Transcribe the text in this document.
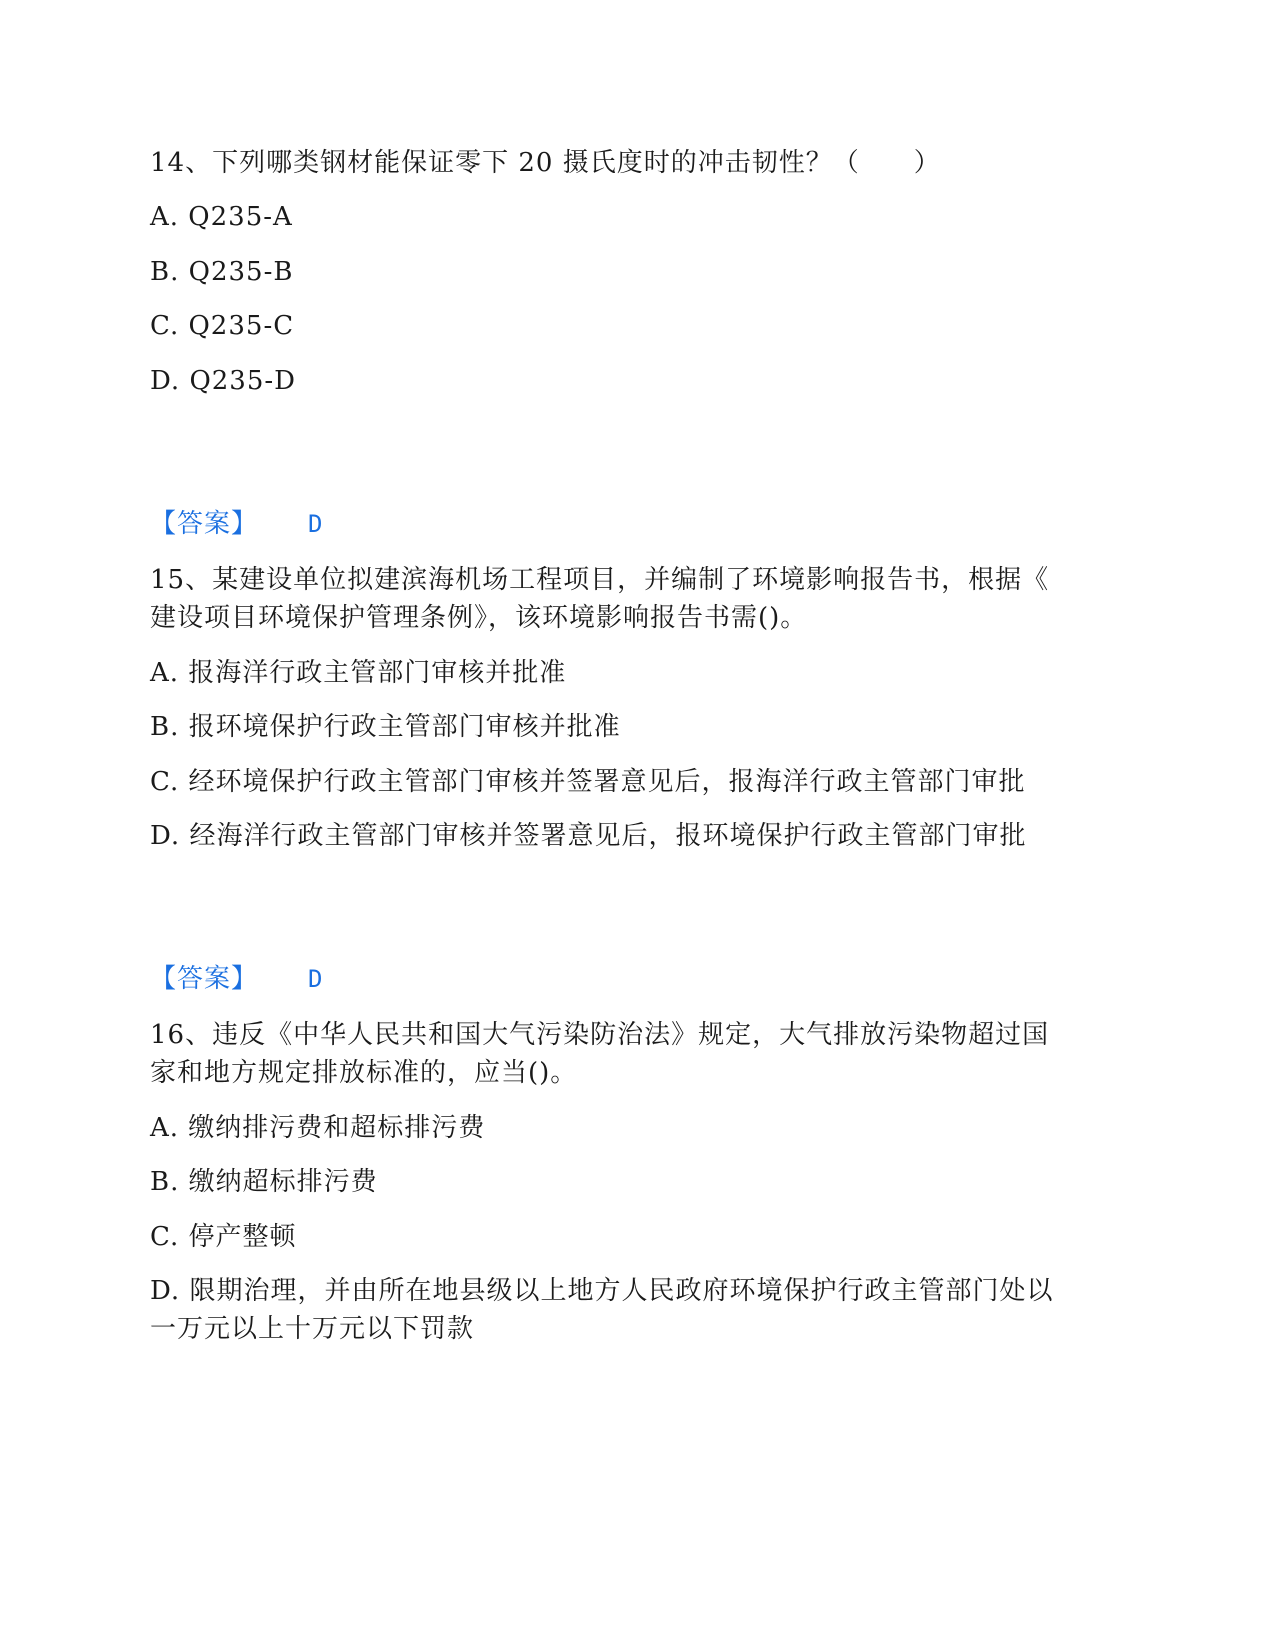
14、下列哪类钢材能保证零下 20 摄氏度时的冲击韧性？（　　）
A. Q235-A
B. Q235-B
C. Q235-C
D. Q235-D
【答案】 D
15、某建设单位拟建滨海机场工程项目，并编制了环境影响报告书，根据《
建设项目环境保护管理条例》，该环境影响报告书需()。
A. 报海洋行政主管部门审核并批准
B. 报环境保护行政主管部门审核并批准
C. 经环境保护行政主管部门审核并签署意见后，报海洋行政主管部门审批
D. 经海洋行政主管部门审核并签署意见后，报环境保护行政主管部门审批
【答案】 D
16、违反《中华人民共和国大气污染防治法》规定，大气排放污染物超过国
家和地方规定排放标准的，应当()。
A. 缴纳排污费和超标排污费
B. 缴纳超标排污费
C. 停产整顿
D. 限期治理，并由所在地县级以上地方人民政府环境保护行政主管部门处以
一万元以上十万元以下罚款
